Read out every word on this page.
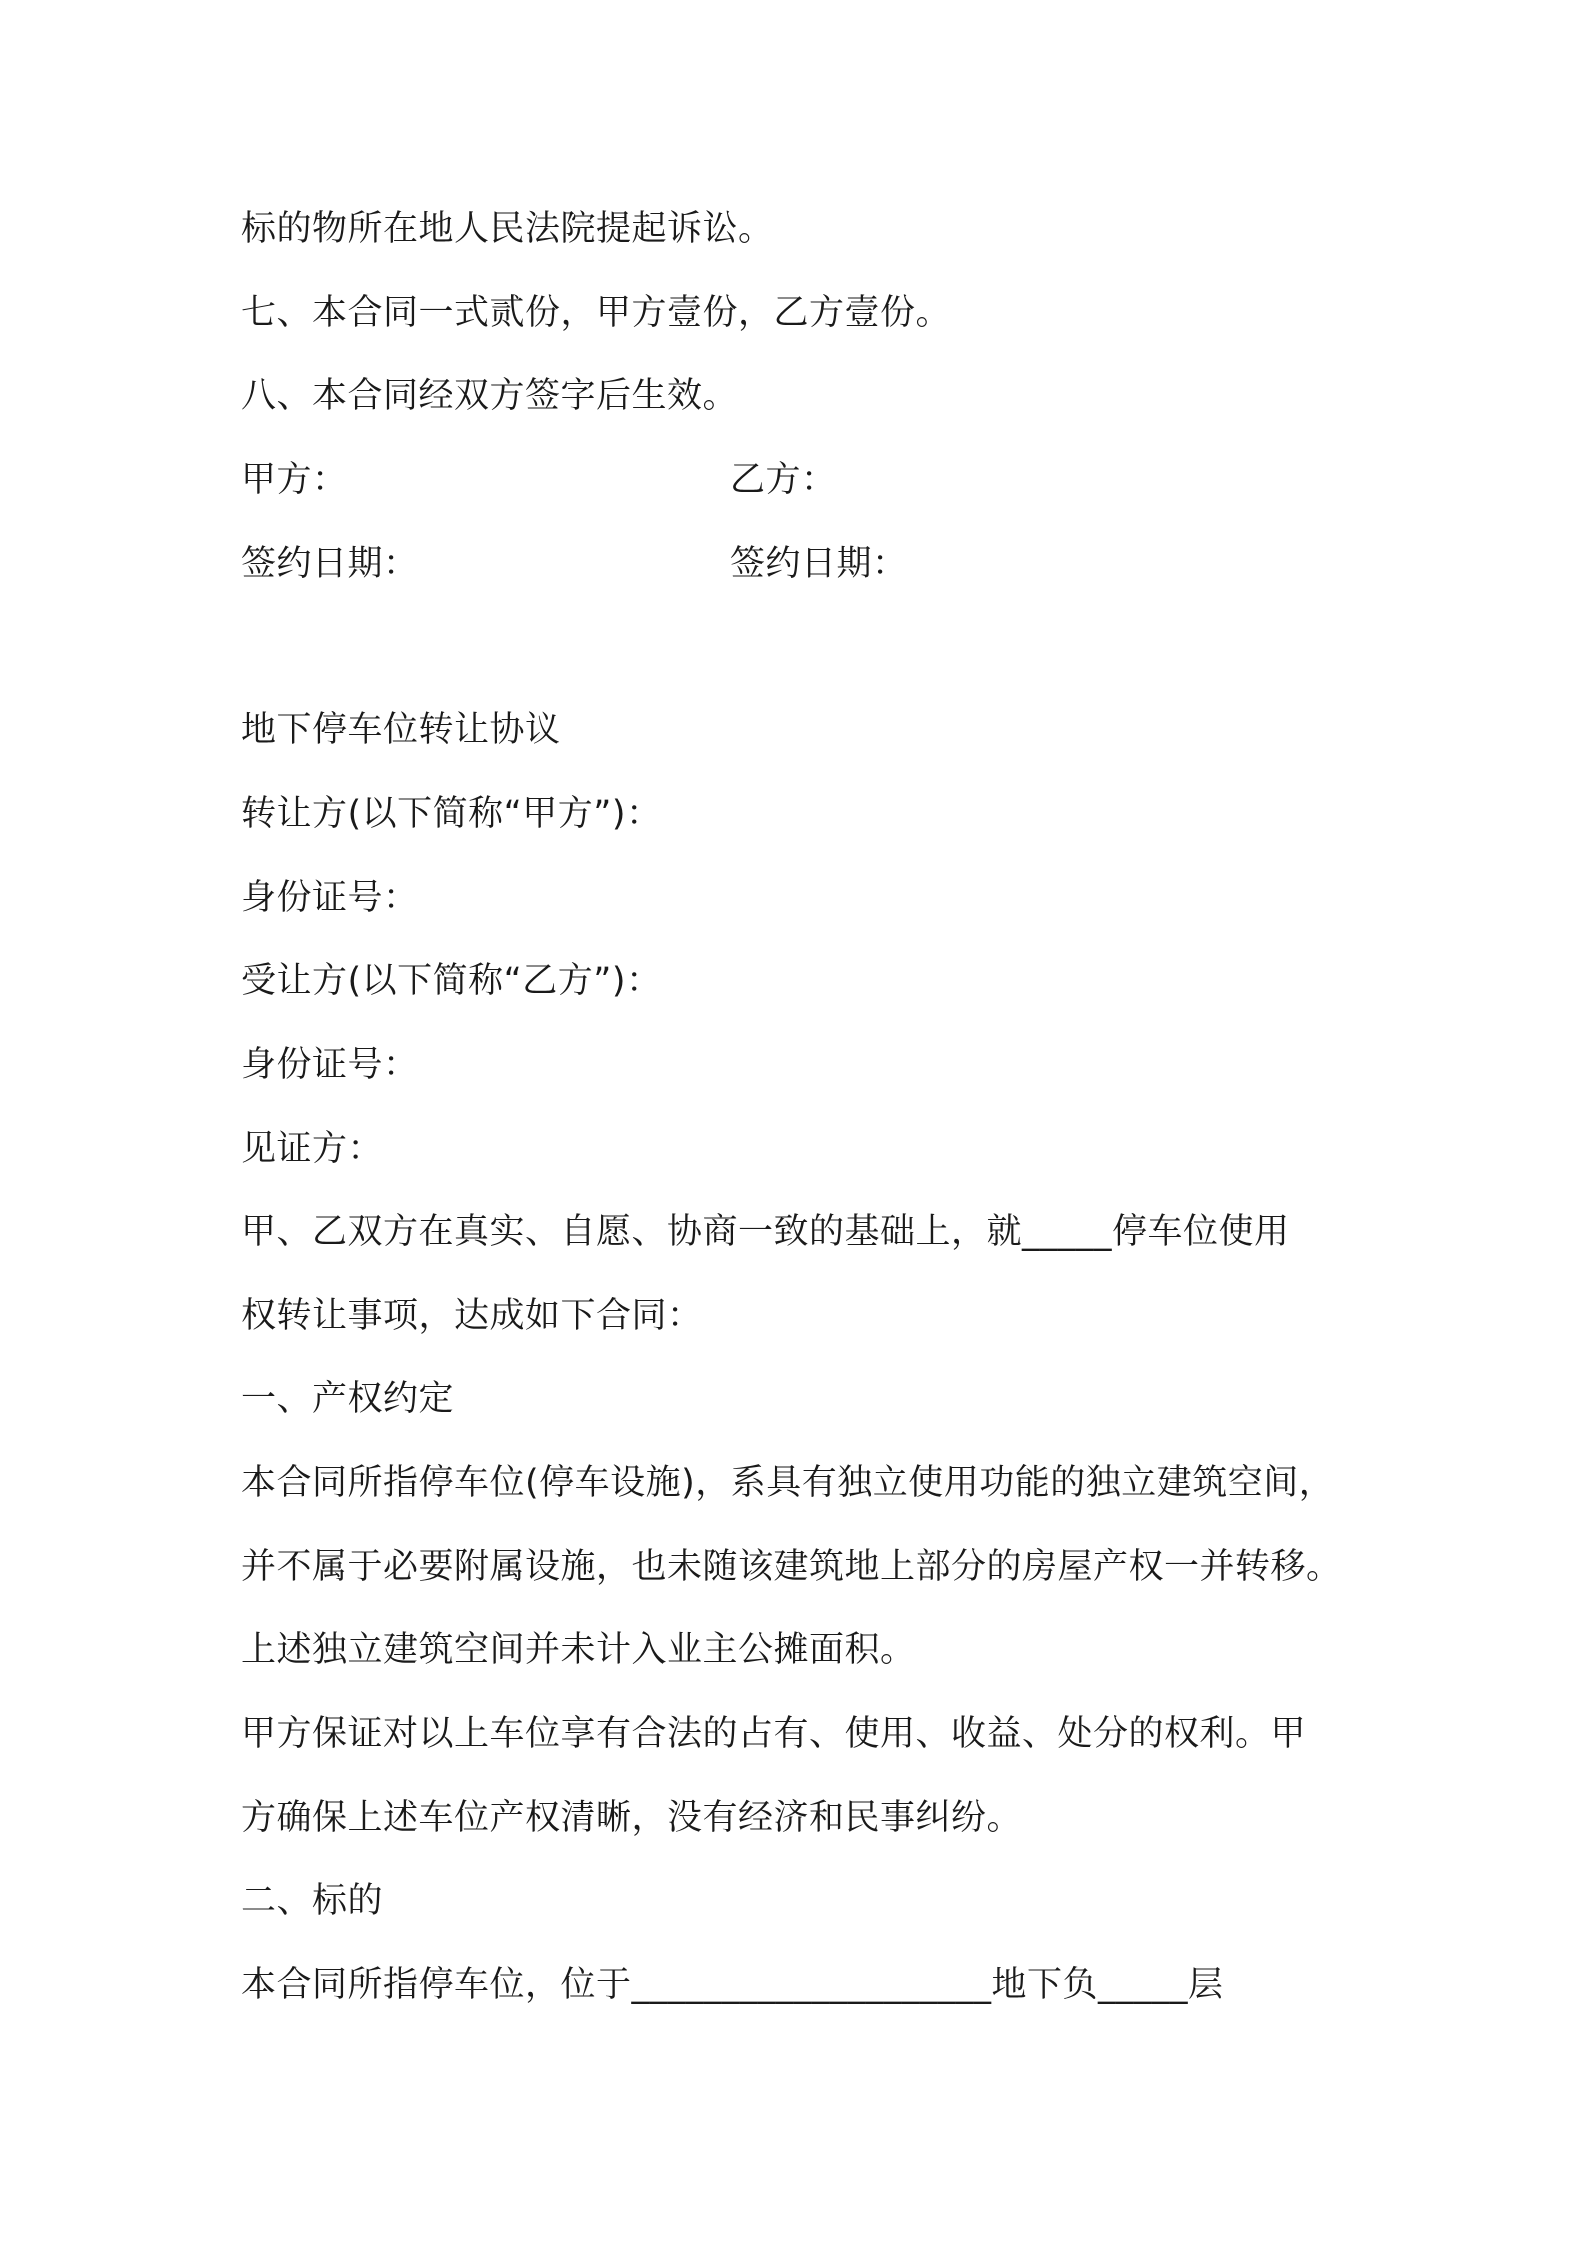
标的物所在地人民法院提起诉讼。
七、本合同一式贰份，甲方壹份，乙方壹份。
八、本合同经双方签字后生效。
甲方：	乙方：
签约日期：	签约日期：
地下停车位转让协议
转让方(以下简称“甲方”)：
身份证号：
受让方(以下简称“乙方”)：
身份证号：
见证方：
甲、乙双方在真实、自愿、协商一致的基础上，就_____停车位使用
权转让事项，达成如下合同：
一、产权约定
本合同所指停车位(停车设施)，系具有独立使用功能的独立建筑空间，
并不属于必要附属设施，也未随该建筑地上部分的房屋产权一并转移。
上述独立建筑空间并未计入业主公摊面积。
甲方保证对以上车位享有合法的占有、使用、收益、处分的权利。甲
方确保上述车位产权清晰，没有经济和民事纠纷。
二、标的
本合同所指停车位，位于____________________地下负_____层
